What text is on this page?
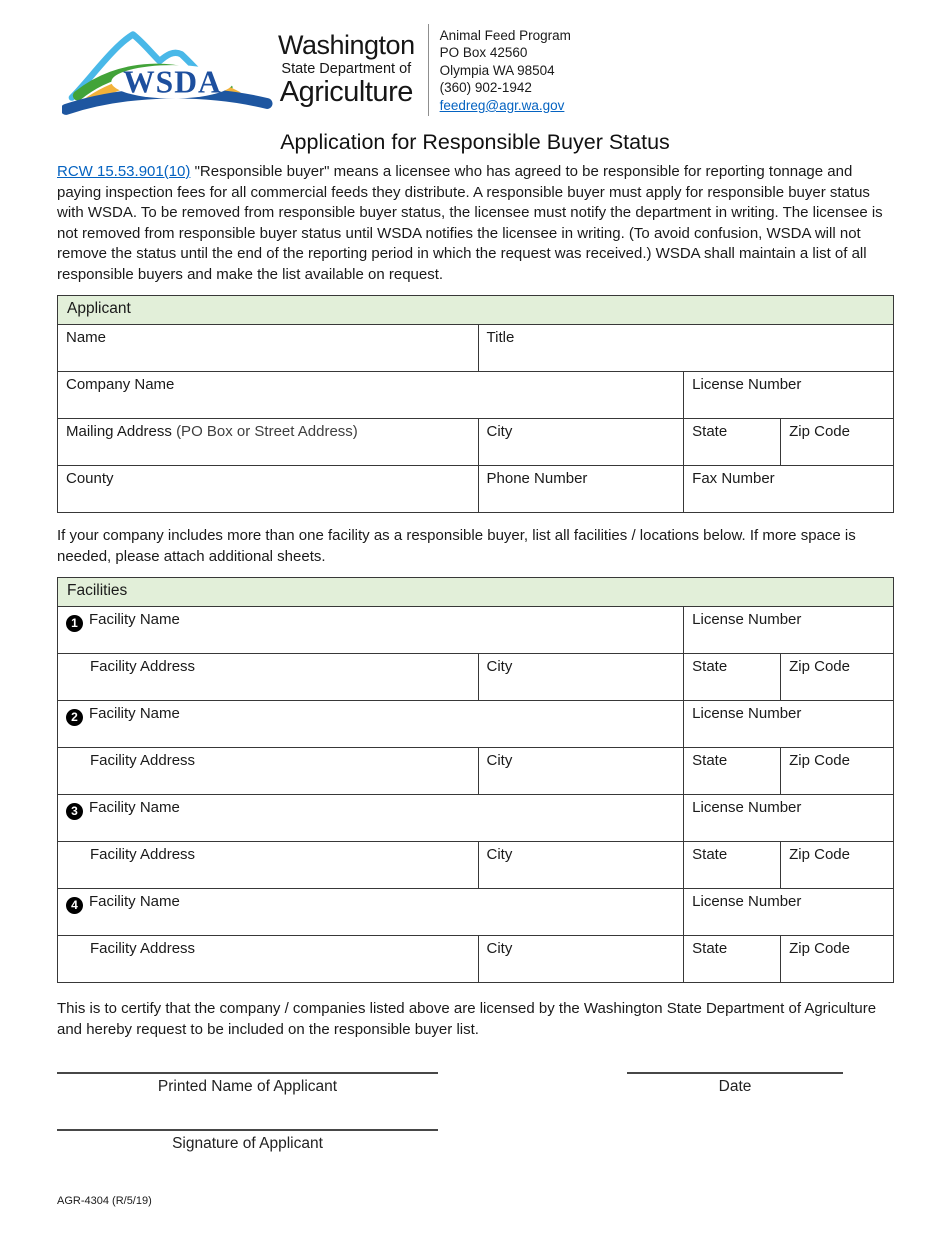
WSDA
Washington
State Department of
Agriculture
Animal Feed Program
PO Box 42560
Olympia WA 98504
(360) 902-1942
feedreg@agr.wa.gov
Application for Responsible Buyer Status

RCW 15.53.901(10) "Responsible buyer" means a licensee who has agreed to be responsible for reporting tonnage and paying inspection fees for all commercial feeds they distribute. A responsible buyer must apply for responsible buyer status with WSDA. To be removed from responsible buyer status, the licensee must notify the department in writing. The licensee is not removed from responsible buyer status until WSDA notifies the licensee in writing. (To avoid confusion, WSDA will not remove the status until the end of the reporting period in which the request was received.) WSDA shall maintain a list of all responsible buyers and make the list available on request.

Applicant			
Name	Title		
Company Name		License Number	
Mailing Address (PO Box or Street Address)	City	State	Zip Code
County	Phone Number	Fax Number	

If your company includes more than one facility as a responsible buyer, list all facilities / locations below. If more space is needed, please attach additional sheets.

Facilities			
1 Facility Name		License Number	
Facility Address	City	State	Zip Code
2 Facility Name		License Number	
Facility Address	City	State	Zip Code
3 Facility Name		License Number	
Facility Address	City	State	Zip Code
4 Facility Name		License Number	
Facility Address	City	State	Zip Code

This is to certify that the company / companies listed above are licensed by the Washington State Department of Agriculture and hereby request to be included on the responsible buyer list.

Printed Name of Applicant	Date
Signature of Applicant
AGR-4304 (R/5/19)
